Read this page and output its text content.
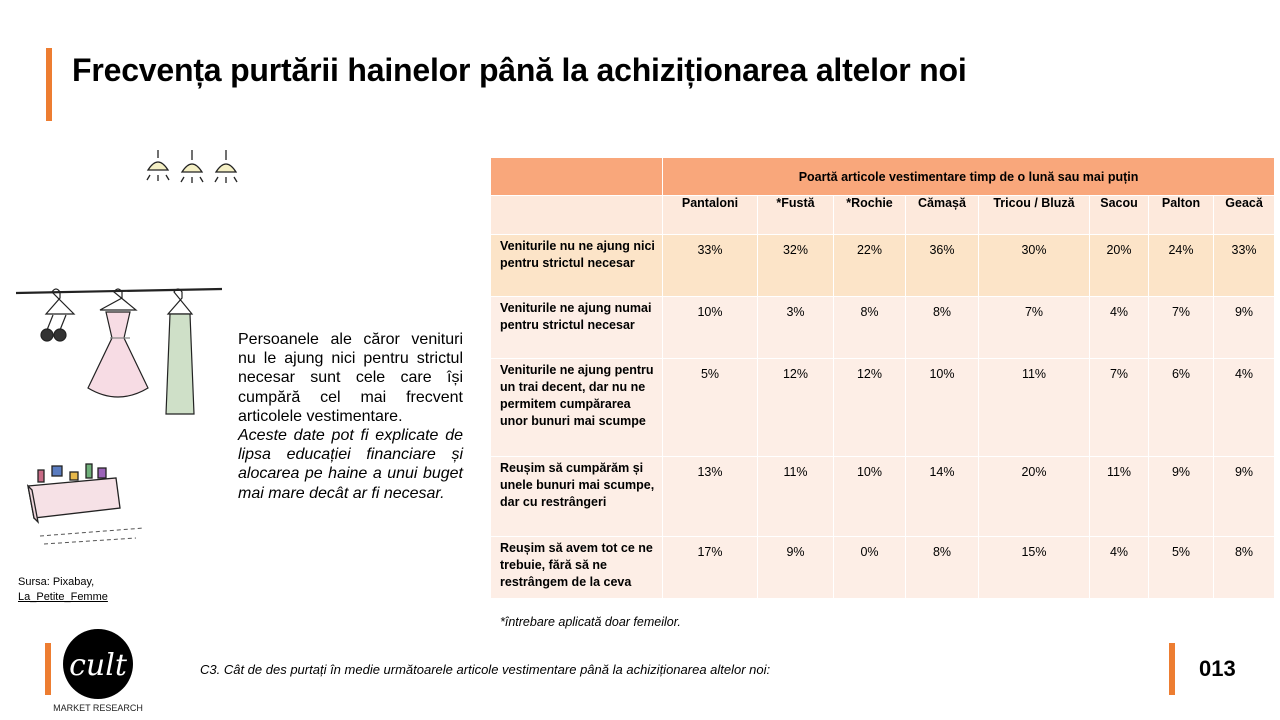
Frecvența purtării hainelor până la achiziționarea altelor noi

Persoanele ale căror venituri nu le ajung nici pentru strictul necesar sunt cele care își cumpără cel mai frecvent articolele vestimentare.

Aceste date pot fi explicate de lipsa educației financiare și alocarea pe haine a unui buget mai mare decât ar fi necesar.

Sursa: Pixabay,
La_Petite_Femme
	Poartă articole vestimentare timp de o lună sau mai puțin							
	Pantaloni	*Fustă	*Rochie	Cămașă	Tricou / Bluză	Sacou	Palton	Geacă
Veniturile nu ne ajung nici pentru strictul necesar	33%	32%	22%	36%	30%	20%	24%	33%
Veniturile ne ajung numai pentru strictul necesar	10%	3%	8%	8%	7%	4%	7%	9%
Veniturile ne ajung pentru un trai decent, dar nu ne permitem cumpărarea unor bunuri mai scumpe	5%	12%	12%	10%	11%	7%	6%	4%
Reușim să cumpărăm și unele bunuri mai scumpe, dar cu restrângeri	13%	11%	10%	14%	20%	11%	9%	9%
Reușim să avem tot ce ne trebuie, fără să ne restrângem de la ceva	17%	9%	0%	8%	15%	4%	5%	8%
*întrebare aplicată doar femeilor.
cult
MARKET RESEARCH
C3. Cât de des purtați în medie următoarele articole vestimentare până la achiziționarea altelor noi:	013
